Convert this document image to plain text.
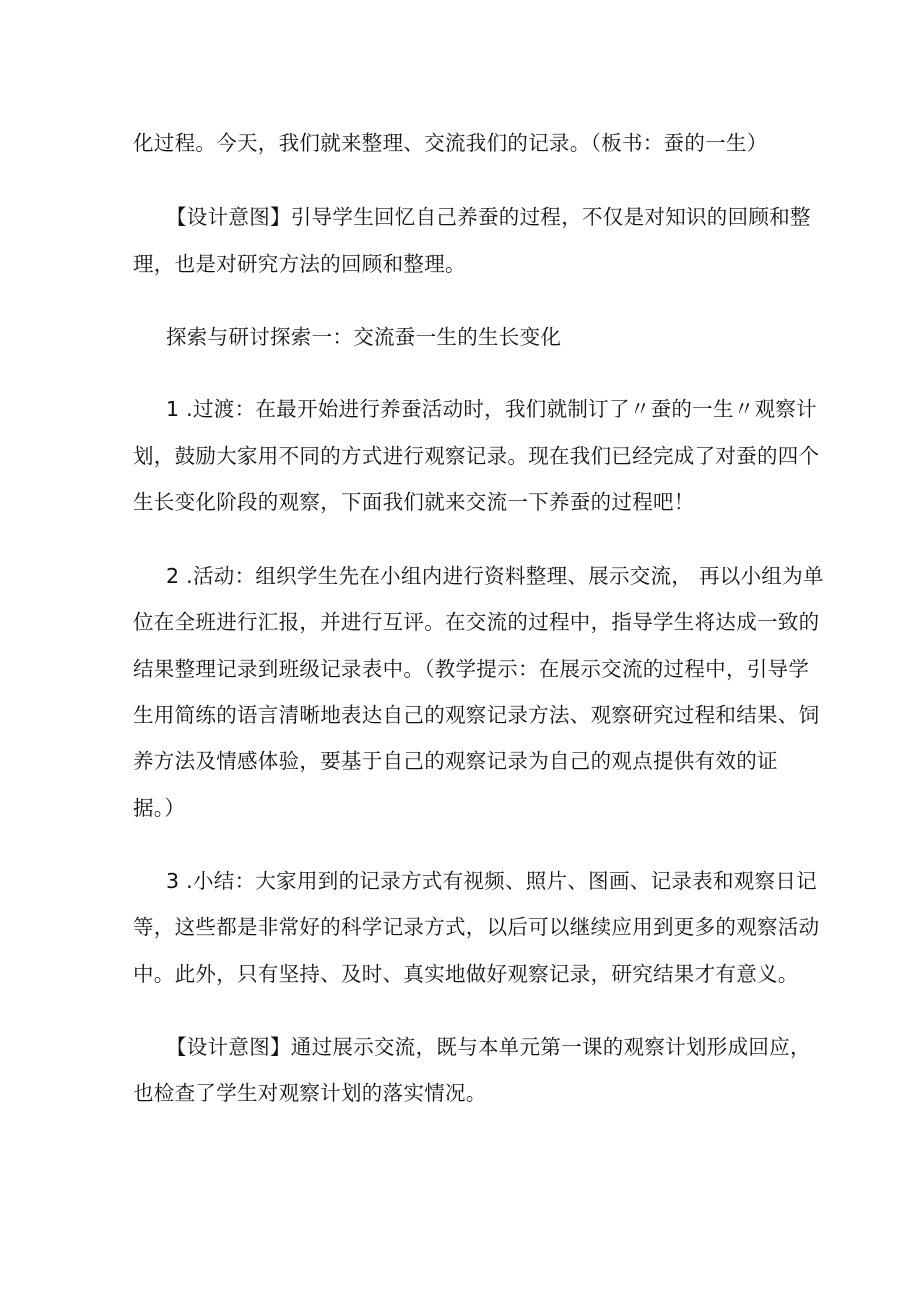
化过程。今天，我们就来整理、交流我们的记录。（板书：蚕的一生）
【设计意图】引导学生回忆自己养蚕的过程，不仅是对知识的回顾和整
理，也是对研究方法的回顾和整理。
探索与研讨探索一：交流蚕一生的生长变化
1 .过渡：在最开始进行养蚕活动时，我们就制订了〃蚕的一生〃观察计
划，鼓励大家用不同的方式进行观察记录。现在我们已经完成了对蚕的四个
生长变化阶段的观察，下面我们就来交流一下养蚕的过程吧！
2 .活动：组织学生先在小组内进行资料整理、展示交流， 再以小组为单
位在全班进行汇报，并进行互评。在交流的过程中，指导学生将达成一致的
结果整理记录到班级记录表中。（教学提示：在展示交流的过程中，引导学
生用简练的语言清晰地表达自己的观察记录方法、观察研究过程和结果、饲
养方法及情感体验，要基于自己的观察记录为自己的观点提供有效的证
据。）
3 .小结：大家用到的记录方式有视频、照片、图画、记录表和观察日记
等，这些都是非常好的科学记录方式，以后可以继续应用到更多的观察活动
中。此外，只有坚持、及时、真实地做好观察记录，研究结果才有意义。
【设计意图】通过展示交流，既与本单元第一课的观察计划形成回应，
也检查了学生对观察计划的落实情况。
